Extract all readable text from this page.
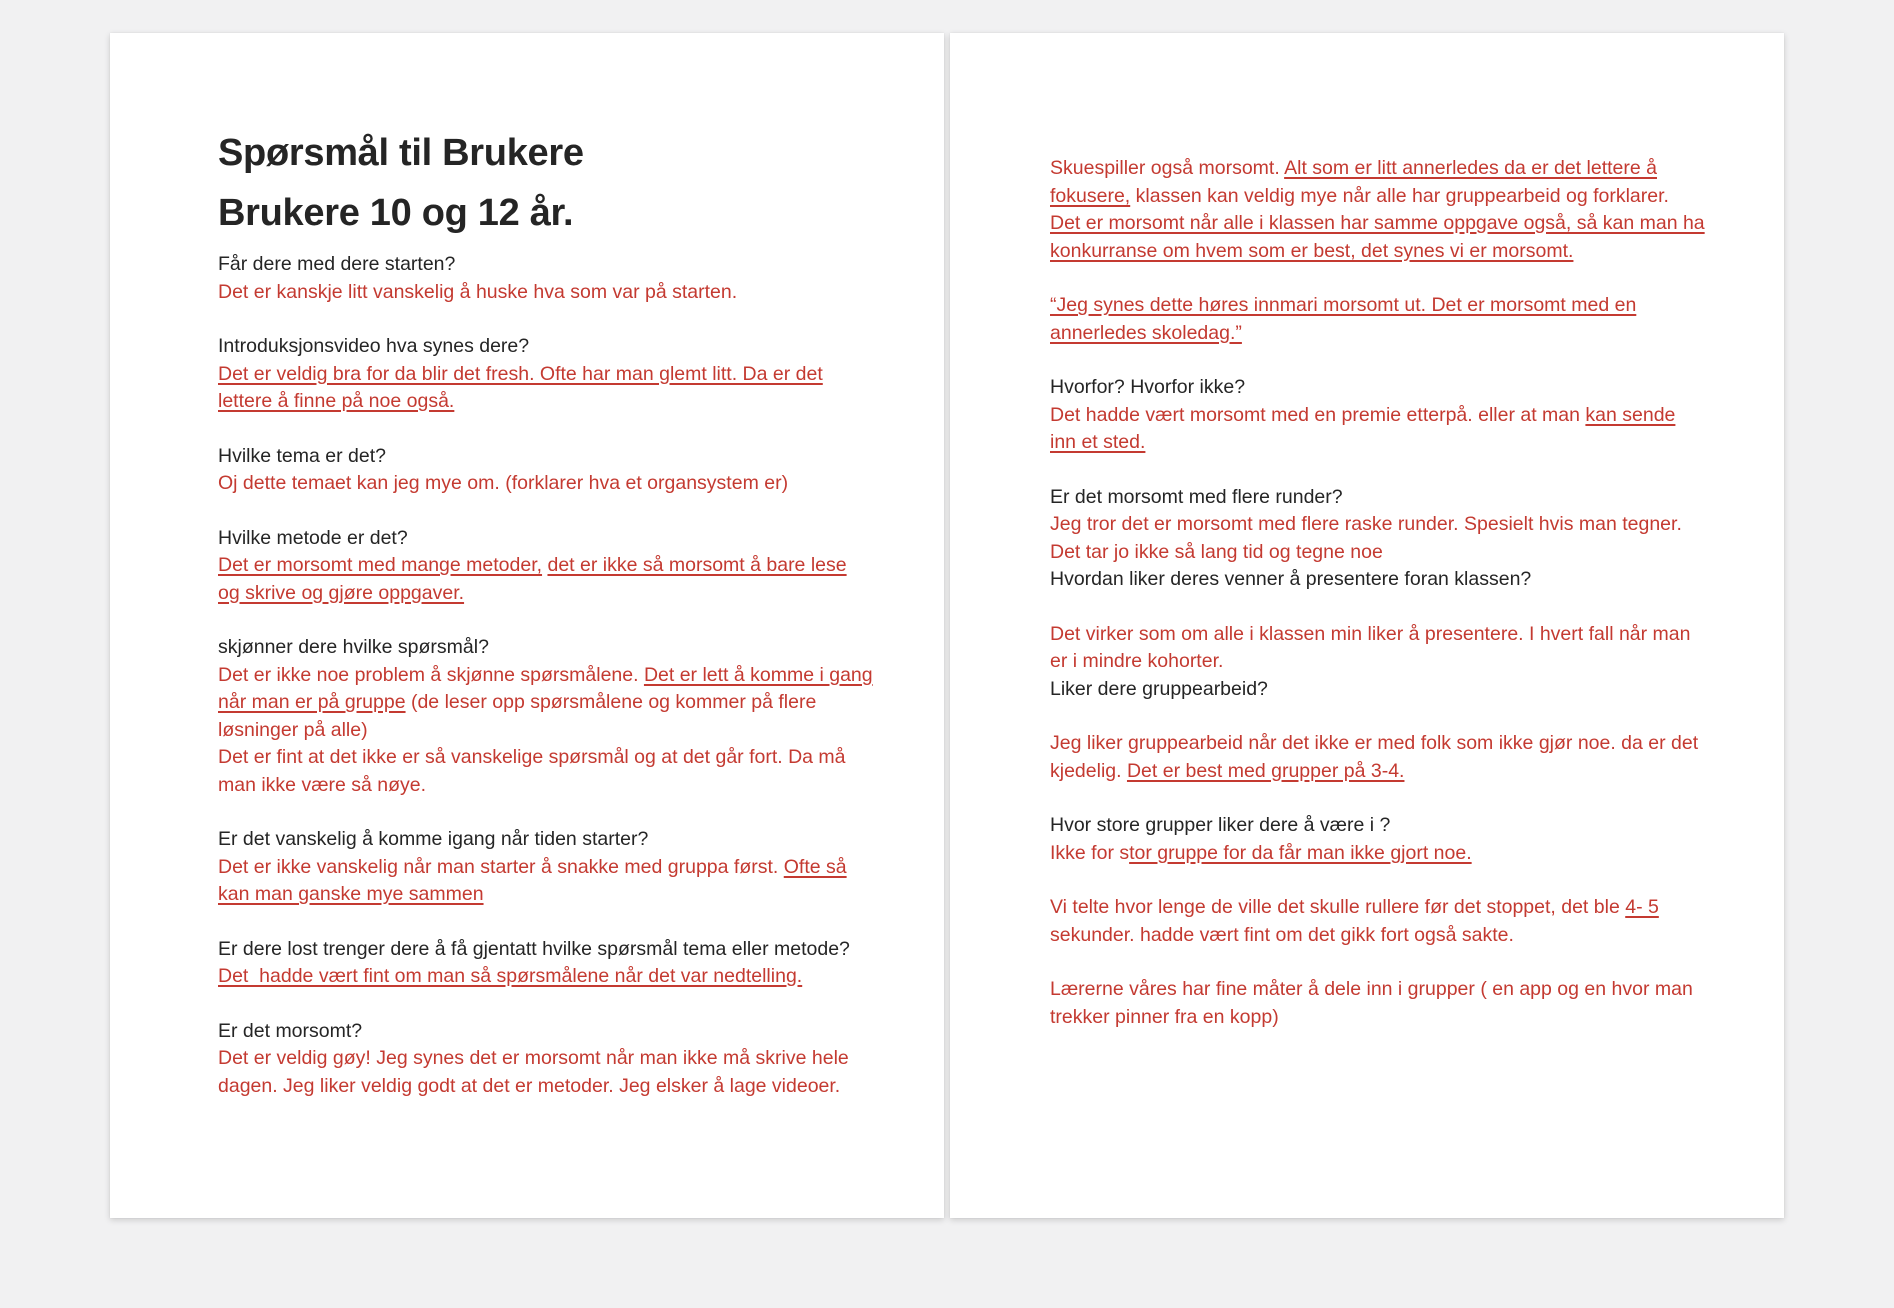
Spørsmål til Brukere
Brukere 10 og 12 år.

Får dere med dere starten?
Det er kanskje litt vanskelig å huske hva som var på starten.

Introduksjonsvideo hva synes dere?
Det er veldig bra for da blir det fresh. Ofte har man glemt litt. Da er det
lettere å finne på noe også.

Hvilke tema er det?
Oj dette temaet kan jeg mye om. (forklarer hva et organsystem er)

Hvilke metode er det?
Det er morsomt med mange metoder, det er ikke så morsomt å bare lese
og skrive og gjøre oppgaver.

skjønner dere hvilke spørsmål?
Det er ikke noe problem å skjønne spørsmålene. Det er lett å komme i gang
når man er på gruppe (de leser opp spørsmålene og kommer på flere
løsninger på alle)
Det er fint at det ikke er så vanskelige spørsmål og at det går fort. Da må
man ikke være så nøye.

Er det vanskelig å komme igang når tiden starter?
Det er ikke vanskelig når man starter å snakke med gruppa først. Ofte så
kan man ganske mye sammen

Er dere lost trenger dere å få gjentatt hvilke spørsmål tema eller metode?
Det  hadde vært fint om man så spørsmålene når det var nedtelling.

Er det morsomt?
Det er veldig gøy! Jeg synes det er morsomt når man ikke må skrive hele
dagen. Jeg liker veldig godt at det er metoder. Jeg elsker å lage videoer.

Skuespiller også morsomt. Alt som er litt annerledes da er det lettere å
fokusere, klassen kan veldig mye når alle har gruppearbeid og forklarer.
Det er morsomt når alle i klassen har samme oppgave også, så kan man ha
konkurranse om hvem som er best, det synes vi er morsomt.

“Jeg synes dette høres innmari morsomt ut. Det er morsomt med en
annerledes skoledag.”

Hvorfor? Hvorfor ikke?
Det hadde vært morsomt med en premie etterpå. eller at man kan sende
inn et sted.

Er det morsomt med flere runder?
Jeg tror det er morsomt med flere raske runder. Spesielt hvis man tegner.
Det tar jo ikke så lang tid og tegne noe
Hvordan liker deres venner å presentere foran klassen?

Det virker som om alle i klassen min liker å presentere. I hvert fall når man
er i mindre kohorter.
Liker dere gruppearbeid?

Jeg liker gruppearbeid når det ikke er med folk som ikke gjør noe. da er det
kjedelig. Det er best med grupper på 3-4.

Hvor store grupper liker dere å være i ?
Ikke for stor gruppe for da får man ikke gjort noe.

Vi telte hvor lenge de ville det skulle rullere før det stoppet, det ble 4- 5
sekunder. hadde vært fint om det gikk fort også sakte.

Lærerne våres har fine måter å dele inn i grupper ( en app og en hvor man
trekker pinner fra en kopp)
